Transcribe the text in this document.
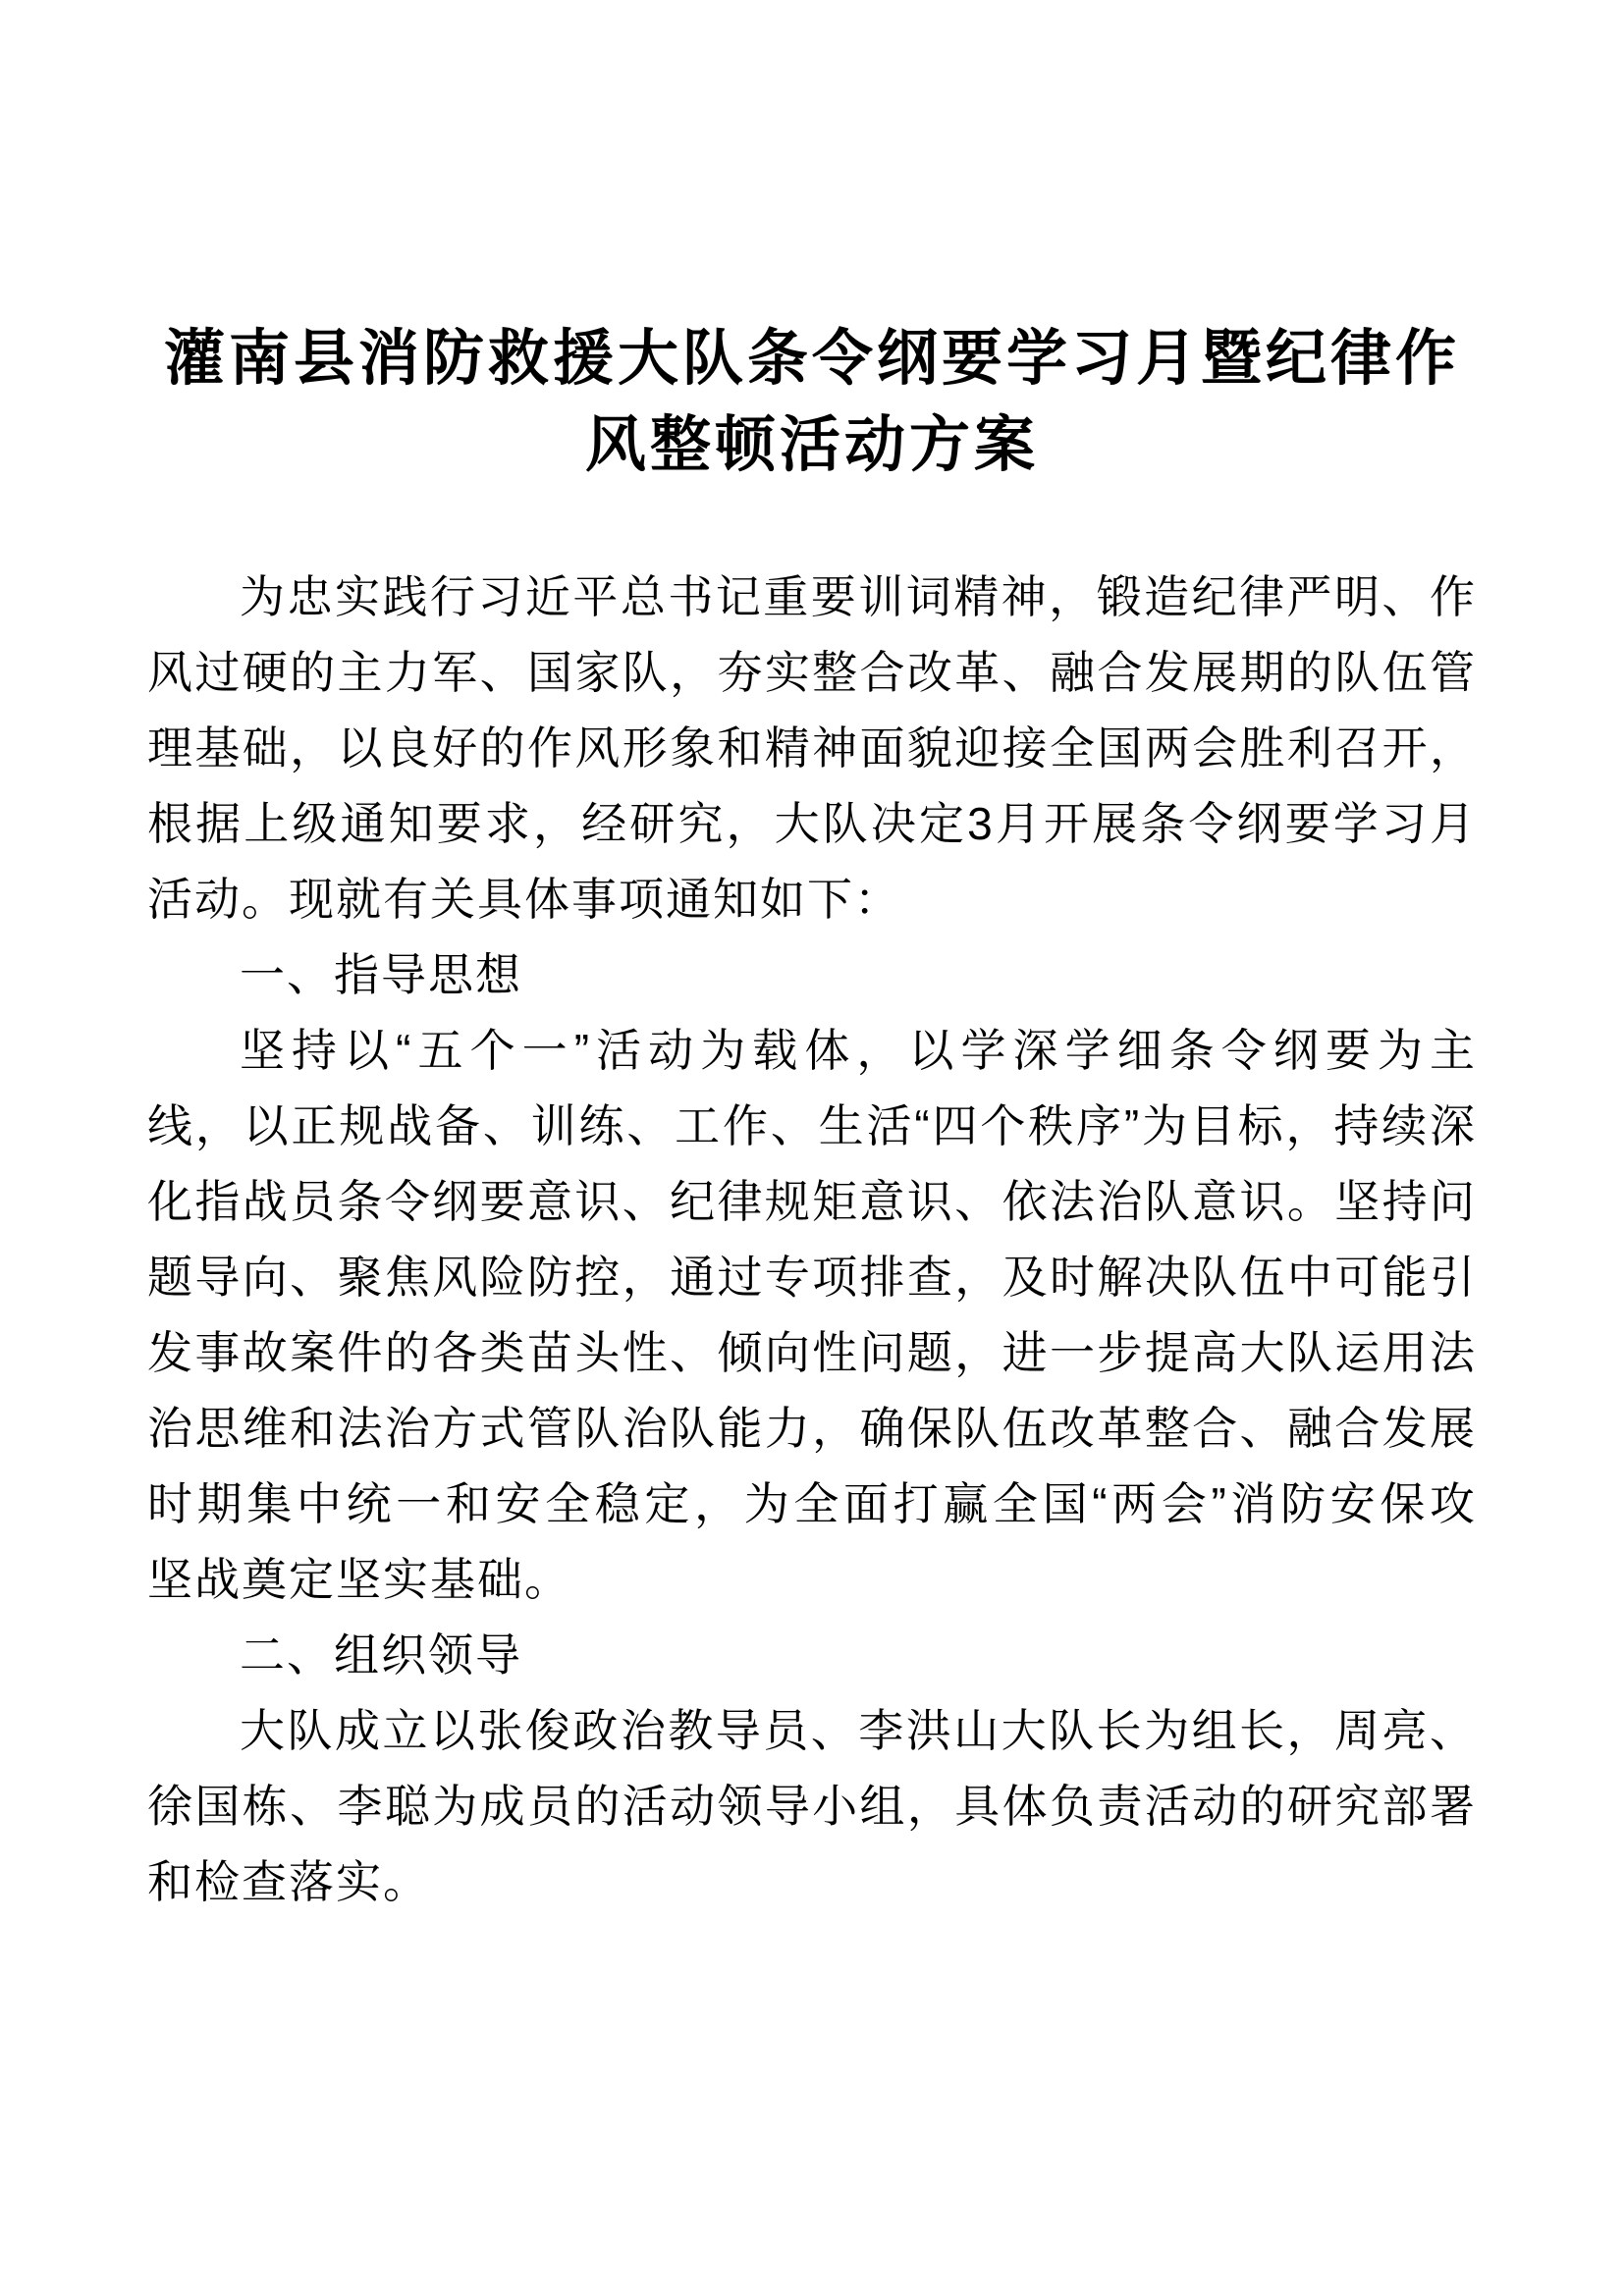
灌南县消防救援大队条令纲要学习月暨纪律作
风整顿活动方案
为忠实践行习近平总书记重要训词精神，锻造纪律严明、作
风过硬的主力军、国家队，夯实整合改革、融合发展期的队伍管
理基础，以良好的作风形象和精神面貌迎接全国两会胜利召开，
根据上级通知要求，经研究，大队决定3月开展条令纲要学习月
活动。现就有关具体事项通知如下：
一、指导思想
坚持以“五个一”活动为载体，以学深学细条令纲要为主
线，以正规战备、训练、工作、生活“四个秩序”为目标，持续深
化指战员条令纲要意识、纪律规矩意识、依法治队意识。坚持问
题导向、聚焦风险防控，通过专项排查，及时解决队伍中可能引
发事故案件的各类苗头性、倾向性问题，进一步提高大队运用法
治思维和法治方式管队治队能力，确保队伍改革整合、融合发展
时期集中统一和安全稳定，为全面打赢全国“两会”消防安保攻
坚战奠定坚实基础。
二、组织领导
大队成立以张俊政治教导员、李洪山大队长为组长，周亮、
徐国栋、李聪为成员的活动领导小组，具体负责活动的研究部署
和检查落实。
